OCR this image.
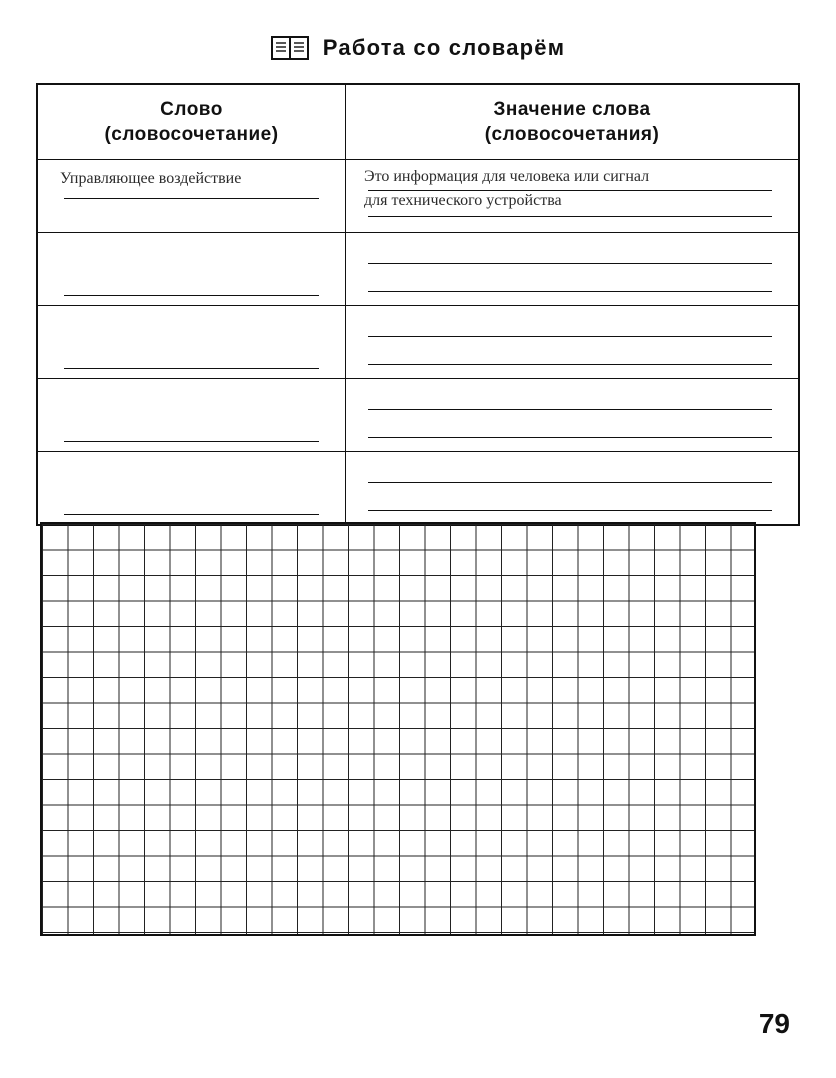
Работа со словарём
Слово
(словосочетание)
Значение слова
(словосочетания)
Управляющее воздействие	Это информация для человека или сигнал
для технического устройства
79
